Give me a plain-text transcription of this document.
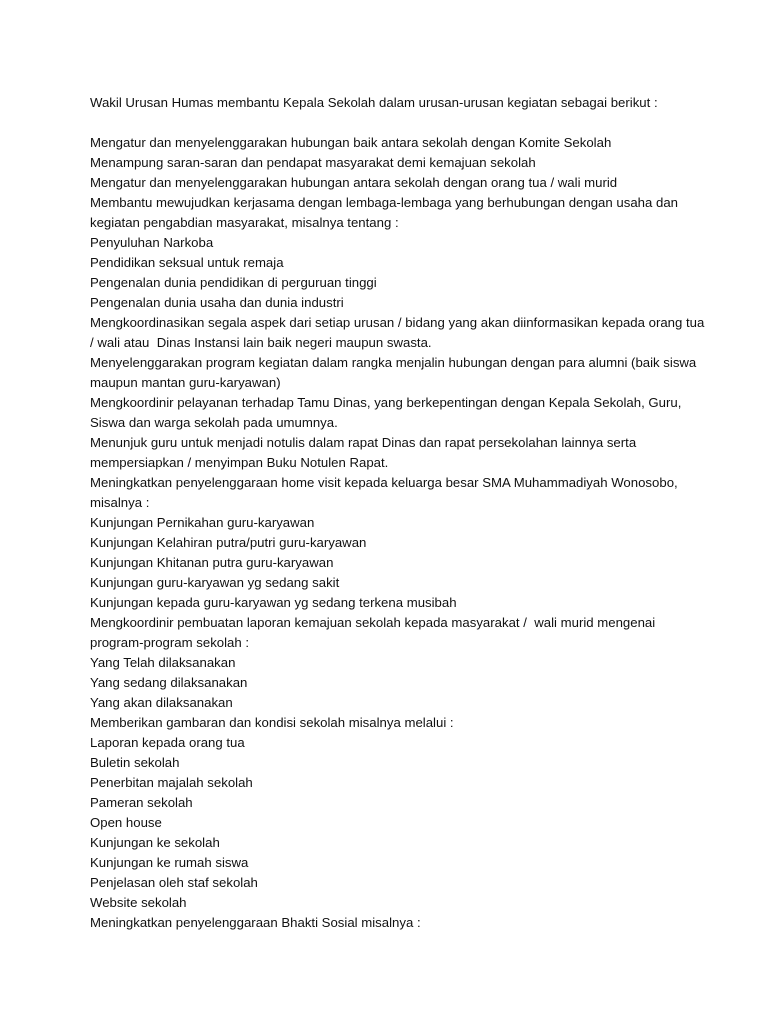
Wakil Urusan Humas membantu Kepala Sekolah dalam urusan-urusan kegiatan sebagai berikut :
Mengatur dan menyelenggarakan hubungan baik antara sekolah dengan Komite Sekolah
Menampung saran-saran dan pendapat masyarakat demi kemajuan sekolah
Mengatur dan menyelenggarakan hubungan antara sekolah dengan orang tua / wali murid
Membantu mewujudkan kerjasama dengan lembaga-lembaga yang berhubungan dengan usaha dan
kegiatan pengabdian masyarakat, misalnya tentang :
Penyuluhan Narkoba
Pendidikan seksual untuk remaja
Pengenalan dunia pendidikan di perguruan tinggi
Pengenalan dunia usaha dan dunia industri
Mengkoordinasikan segala aspek dari setiap urusan / bidang yang akan diinformasikan kepada orang tua
/ wali atau  Dinas Instansi lain baik negeri maupun swasta.
Menyelenggarakan program kegiatan dalam rangka menjalin hubungan dengan para alumni (baik siswa
maupun mantan guru-karyawan)
Mengkoordinir pelayanan terhadap Tamu Dinas, yang berkepentingan dengan Kepala Sekolah, Guru,
Siswa dan warga sekolah pada umumnya.
Menunjuk guru untuk menjadi notulis dalam rapat Dinas dan rapat persekolahan lainnya serta
mempersiapkan / menyimpan Buku Notulen Rapat.
Meningkatkan penyelenggaraan home visit kepada keluarga besar SMA Muhammadiyah Wonosobo,
misalnya :
Kunjungan Pernikahan guru-karyawan
Kunjungan Kelahiran putra/putri guru-karyawan
Kunjungan Khitanan putra guru-karyawan
Kunjungan guru-karyawan yg sedang sakit
Kunjungan kepada guru-karyawan yg sedang terkena musibah
Mengkoordinir pembuatan laporan kemajuan sekolah kepada masyarakat /  wali murid mengenai
program-program sekolah :
Yang Telah dilaksanakan
Yang sedang dilaksanakan
Yang akan dilaksanakan
Memberikan gambaran dan kondisi sekolah misalnya melalui :
Laporan kepada orang tua
Buletin sekolah
Penerbitan majalah sekolah
Pameran sekolah
Open house
Kunjungan ke sekolah
Kunjungan ke rumah siswa
Penjelasan oleh staf sekolah
Website sekolah
Meningkatkan penyelenggaraan Bhakti Sosial misalnya :
